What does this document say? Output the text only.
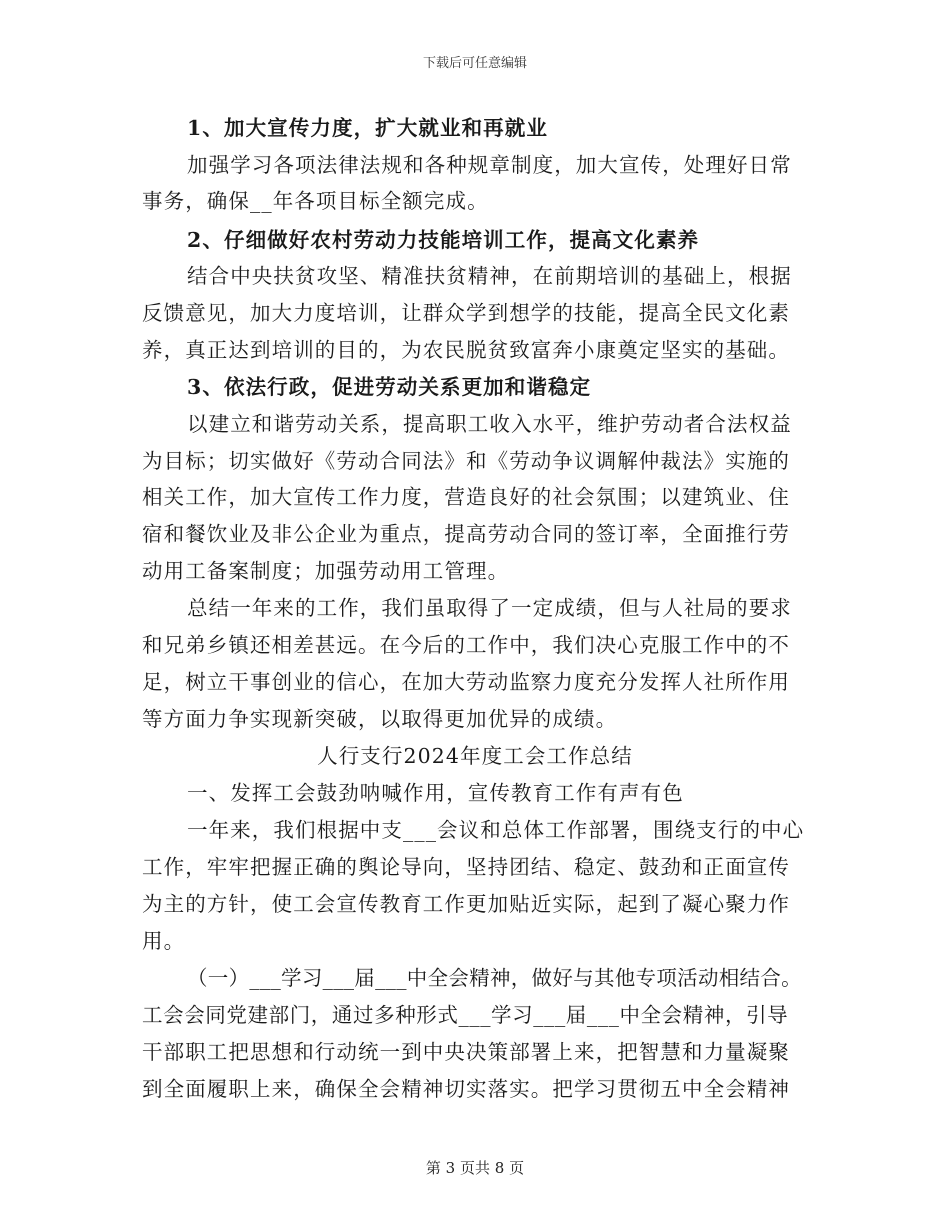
下载后可任意编辑
1、加大宣传力度，扩大就业和再就业
加强学习各项法律法规和各种规章制度，加大宣传，处理好日常
事务，确保__年各项目标全额完成。
2、仔细做好农村劳动力技能培训工作，提高文化素养
结合中央扶贫攻坚、精准扶贫精神，在前期培训的基础上，根据
反馈意见，加大力度培训，让群众学到想学的技能，提高全民文化素
养，真正达到培训的目的，为农民脱贫致富奔小康奠定坚实的基础。
3、依法行政，促进劳动关系更加和谐稳定
以建立和谐劳动关系，提高职工收入水平，维护劳动者合法权益
为目标；切实做好《劳动合同法》和《劳动争议调解仲裁法》实施的
相关工作，加大宣传工作力度，营造良好的社会氛围；以建筑业、住
宿和餐饮业及非公企业为重点，提高劳动合同的签订率，全面推行劳
动用工备案制度；加强劳动用工管理。
总结一年来的工作，我们虽取得了一定成绩，但与人社局的要求
和兄弟乡镇还相差甚远。在今后的工作中，我们决心克服工作中的不
足，树立干事创业的信心，在加大劳动监察力度充分发挥人社所作用
等方面力争实现新突破，以取得更加优异的成绩。
人行支行2024年度工会工作总结
一、发挥工会鼓劲呐喊作用，宣传教育工作有声有色
一年来，我们根据中支___会议和总体工作部署，围绕支行的中心
工作，牢牢把握正确的舆论导向，坚持团结、稳定、鼓劲和正面宣传
为主的方针，使工会宣传教育工作更加贴近实际，起到了凝心聚力作
用。
（一）___学习___届___中全会精神，做好与其他专项活动相结合。
工会会同党建部门，通过多种形式___学习___届___中全会精神，引导
干部职工把思想和行动统一到中央决策部署上来，把智慧和力量凝聚
到全面履职上来，确保全会精神切实落实。把学习贯彻五中全会精神
第 3 页共 8 页
